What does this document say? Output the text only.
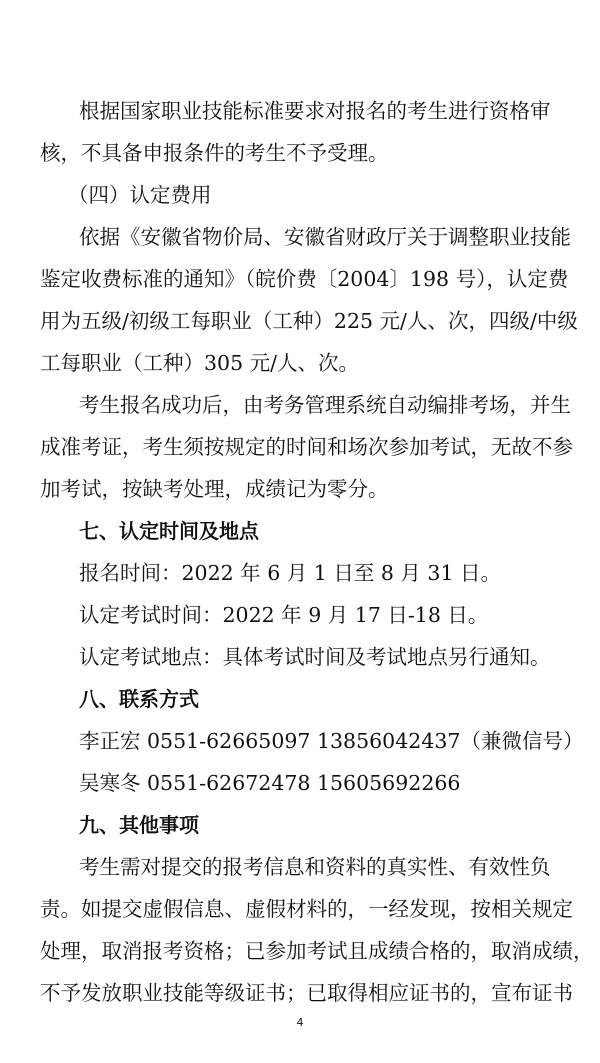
根据国家职业技能标准要求对报名的考生进行资格审
核，不具备申报条件的考生不予受理。
（四）认定费用
依据《安徽省物价局、安徽省财政厅关于调整职业技能
鉴定收费标准的通知》（皖价费〔2004〕198 号），认定费
用为五级/初级工每职业（工种）225 元/人、次，四级/中级
工每职业（工种）305 元/人、次。
考生报名成功后，由考务管理系统自动编排考场，并生
成准考证，考生须按规定的时间和场次参加考试，无故不参
加考试，按缺考处理，成绩记为零分。
七、认定时间及地点
报名时间：2022 年 6 月 1 日至 8 月 31 日。
认定考试时间：2022 年 9 月 17 日-18 日。
认定考试地点：具体考试时间及考试地点另行通知。
八、联系方式
李正宏 0551-62665097 13856042437（兼微信号）
吴寒冬 0551-62672478 15605692266
九、其他事项
考生需对提交的报考信息和资料的真实性、有效性负
责。如提交虚假信息、虚假材料的，一经发现，按相关规定
处理，取消报考资格；已参加考试且成绩合格的，取消成绩，
不予发放职业技能等级证书；已取得相应证书的，宣布证书
4
